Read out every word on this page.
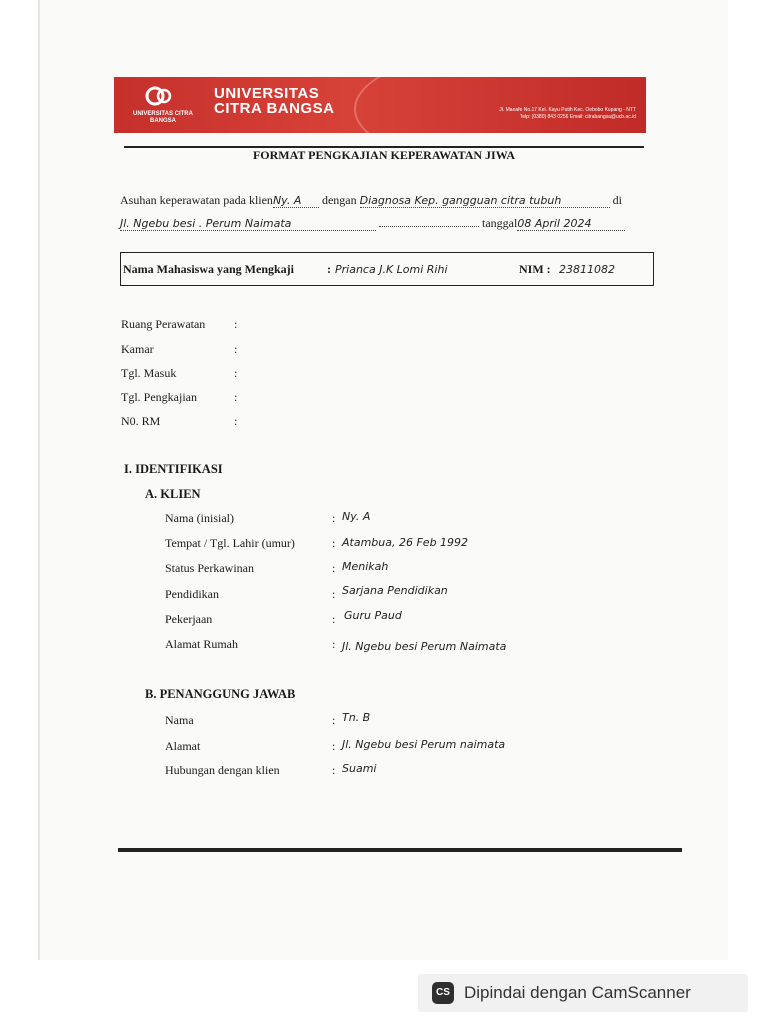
UNIVERSITAS CITRA BANGSA
UNIVERSITAS
CITRA BANGSA	Jl. Manafe No.17 Kel. Kayu Putih Kec. Oebobo Kupang - NTT
Telp: (0380) 843 0256 Email: citrabangsa@ucb.ac.id
FORMAT PENGKAJIAN KEPERAWATAN JIWA
Asuhan keperawatan pada klienNy. A dengan Diagnosa Kep. gangguan citra tubuh	di
Jl. Ngebu besi . Perum Naimata	tanggal08 April 2024
Nama Mahasiswa yang Mengkaji	: Prianca J.K Lomi Rihi	NIM : 23811082
Ruang Perawatan :
Kamar	:
Tgl. Masuk	:
Tgl. Pengkajian	:
N0. RM	:
I. IDENTIFIKASI
A. KLIEN
Nama (inisial)	: Ny. A
Tempat / Tgl. Lahir (umur)	: Atambua, 26 Feb 1992
Status Perkawinan	: Menikah
Pendidikan	: Sarjana Pendidikan
Pekerjaan	: Guru Paud
Alamat Rumah	: Jl. Ngebu besi Perum Naimata
B. PENANGGUNG JAWAB
Nama	: Tn. B
Alamat	: Jl. Ngebu besi Perum naimata
Hubungan dengan klien	: Suami
CS Dipindai dengan CamScanner
